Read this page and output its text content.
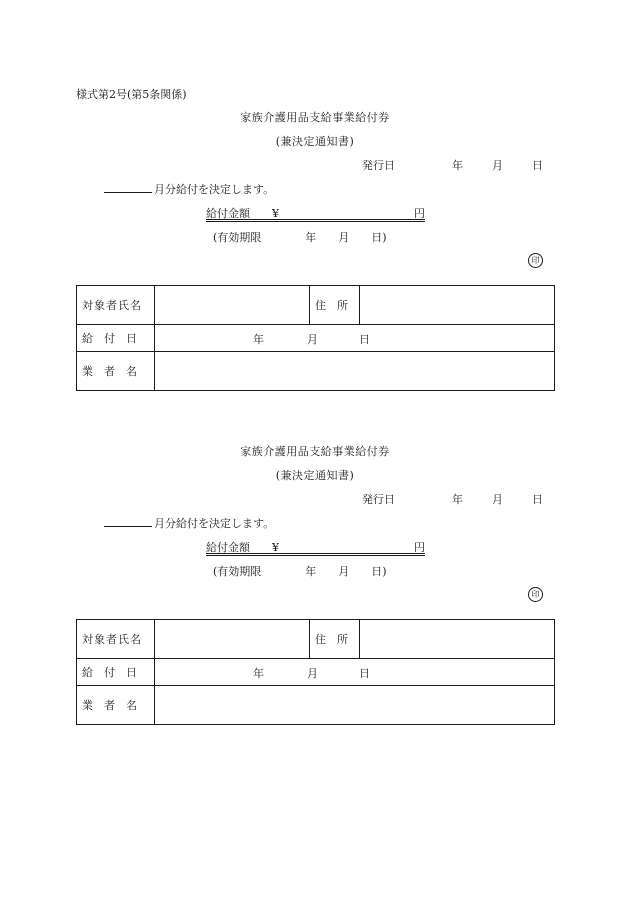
様式第2号(第5条関係)
家族介護用品支給事業給付券
(兼決定通知書)
発行日	年	月	日
月分給付を決定します。
給付金額 ¥	円
(有効期限　　　　年　　月　　日)
印
対象者氏名		住　所	
給　付　日	年 月 日		

業　者　名			
家族介護用品支給事業給付券
(兼決定通知書)
発行日	年	月	日
月分給付を決定します。
給付金額 ¥	円
(有効期限　　　　年　　月　　日)
印
対象者氏名		住　所	
給　付　日	年 月 日		

業　者　名			
